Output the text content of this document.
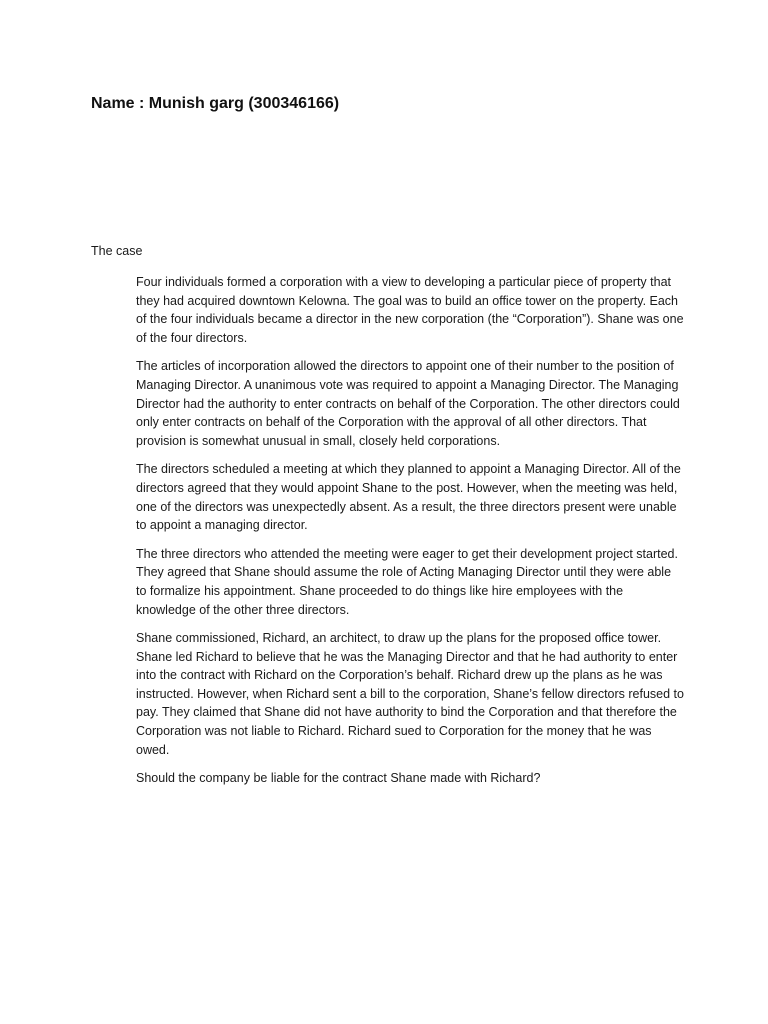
Name : Munish garg (300346166)
The case

Four individuals formed a corporation with a view to developing a particular piece of property that they had acquired downtown Kelowna. The goal was to build an office tower on the property. Each of the four individuals became a director in the new corporation (the “Corporation”). Shane was one of the four directors.

The articles of incorporation allowed the directors to appoint one of their number to the position of Managing Director. A unanimous vote was required to appoint a Managing Director. The Managing Director had the authority to enter contracts on behalf of the Corporation. The other directors could only enter contracts on behalf of the Corporation with the approval of all other directors. That provision is somewhat unusual in small, closely held corporations.

The directors scheduled a meeting at which they planned to appoint a Managing Director. All of the directors agreed that they would appoint Shane to the post. However, when the meeting was held, one of the directors was unexpectedly absent. As a result, the three directors present were unable to appoint a managing director.

The three directors who attended the meeting were eager to get their development project started. They agreed that Shane should assume the role of Acting Managing Director until they were able to formalize his appointment. Shane proceeded to do things like hire employees with the knowledge of the other three directors.

Shane commissioned, Richard, an architect, to draw up the plans for the proposed office tower. Shane led Richard to believe that he was the Managing Director and that he had authority to enter into the contract with Richard on the Corporation’s behalf. Richard drew up the plans as he was instructed. However, when Richard sent a bill to the corporation, Shane’s fellow directors refused to pay. They claimed that Shane did not have authority to bind the Corporation and that therefore the Corporation was not liable to Richard. Richard sued to Corporation for the money that he was owed.

Should the company be liable for the contract Shane made with Richard?
